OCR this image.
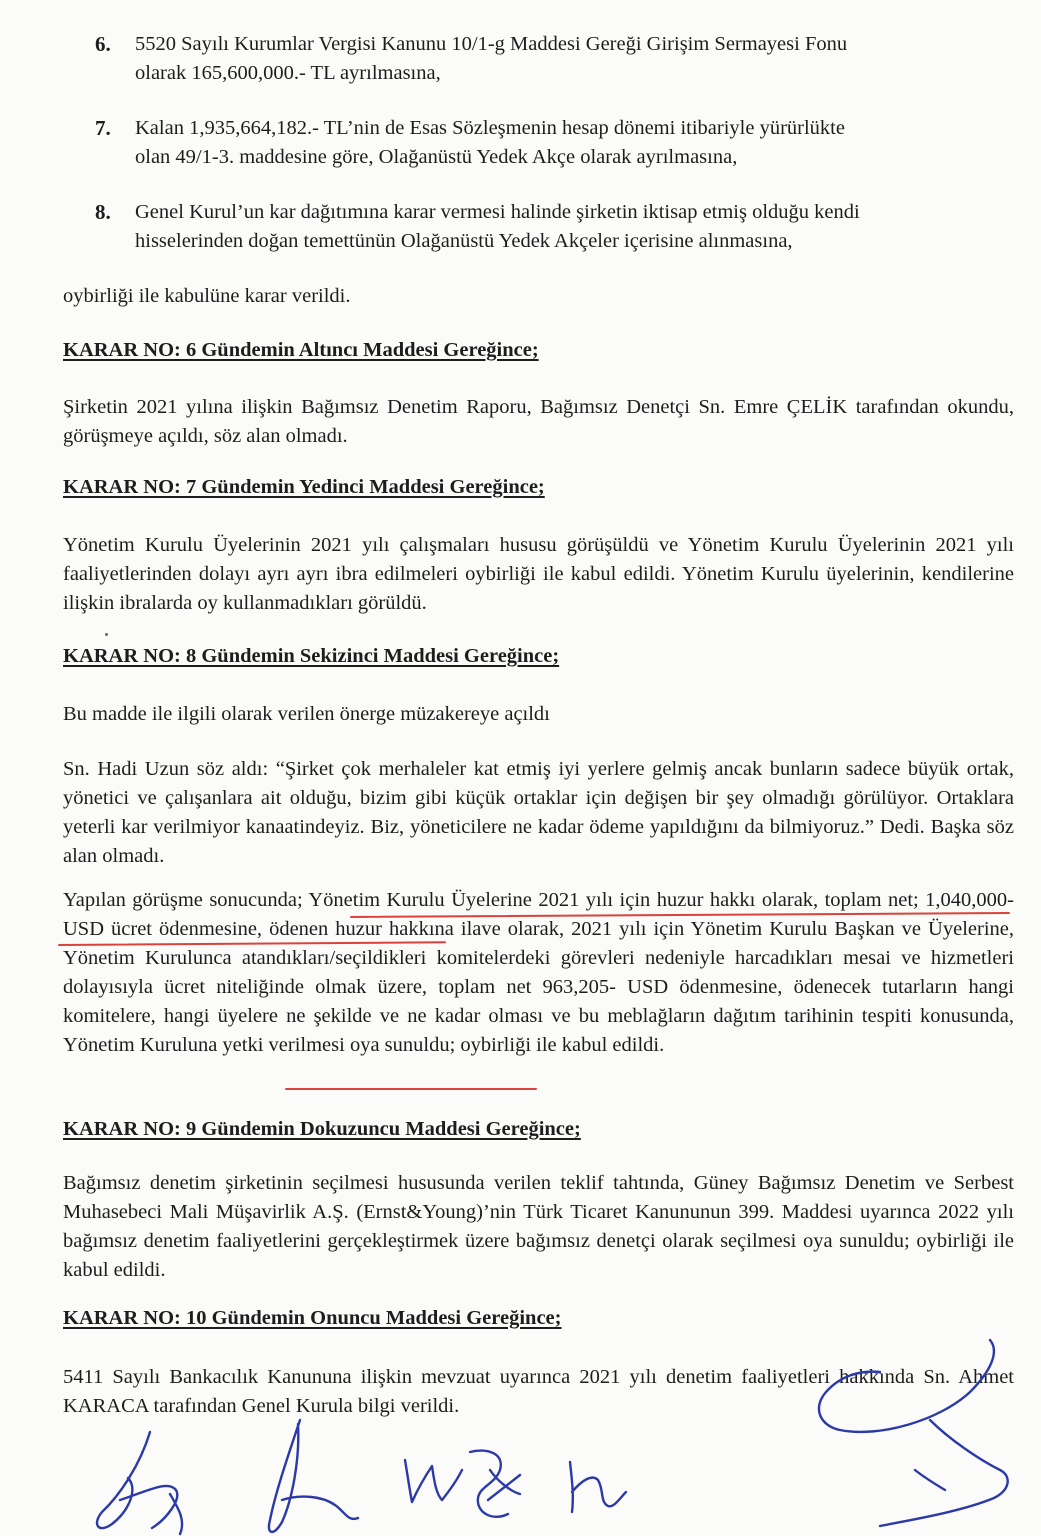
6. 5520 Sayılı Kurumlar Vergisi Kanunu 10/1-g Maddesi Gereği Girişim Sermayesi Fonu
olarak 165,600,000.- TL ayrılmasına,
7. Kalan 1,935,664,182.- TL’nin de Esas Sözleşmenin hesap dönemi itibariyle yürürlükte
olan 49/1-3. maddesine göre, Olağanüstü Yedek Akçe olarak ayrılmasına,
8. Genel Kurul’un kar dağıtımına karar vermesi halinde şirketin iktisap etmiş olduğu kendi
hisselerinden doğan temettünün Olağanüstü Yedek Akçeler içerisine alınmasına,
oybirliği ile kabulüne karar verildi.
KARAR NO: 6 Gündemin Altıncı Maddesi Gereğince;
Şirketin 2021 yılına ilişkin Bağımsız Denetim Raporu, Bağımsız Denetçi Sn. Emre ÇELİK tarafından okundu, görüşmeye açıldı, söz alan olmadı.
KARAR NO: 7 Gündemin Yedinci Maddesi Gereğince;
Yönetim Kurulu Üyelerinin 2021 yılı çalışmaları hususu görüşüldü ve Yönetim Kurulu Üyelerinin 2021 yılı faaliyetlerinden dolayı ayrı ayrı ibra edilmeleri oybirliği ile kabul edildi. Yönetim Kurulu üyelerinin, kendilerine ilişkin ibralarda oy kullanmadıkları görüldü.
KARAR NO: 8 Gündemin Sekizinci Maddesi Gereğince;
Bu madde ile ilgili olarak verilen önerge müzakereye açıldı
Sn. Hadi Uzun söz aldı: “Şirket çok merhaleler kat etmiş iyi yerlere gelmiş ancak bunların sadece büyük ortak, yönetici ve çalışanlara ait olduğu, bizim gibi küçük ortaklar için değişen bir şey olmadığı görülüyor. Ortaklara yeterli kar verilmiyor kanaatindeyiz. Biz, yöneticilere ne kadar ödeme yapıldığını da bilmiyoruz.” Dedi. Başka söz alan olmadı.
Yapılan görüşme sonucunda; Yönetim Kurulu Üyelerine 2021 yılı için huzur hakkı olarak, toplam net; 1,040,000- USD ücret ödenmesine, ödenen huzur hakkına ilave olarak, 2021 yılı için Yönetim Kurulu Başkan ve Üyelerine, Yönetim Kurulunca atandıkları/seçildikleri komitelerdeki görevleri nedeniyle harcadıkları mesai ve hizmetleri dolayısıyla ücret niteliğinde olmak üzere, toplam net 963,205- USD ödenmesine, ödenecek tutarların hangi komitelere, hangi üyelere ne şekilde ve ne kadar olması ve bu meblağların dağıtım tarihinin tespiti konusunda, Yönetim Kuruluna yetki verilmesi oya sunuldu; oybirliği ile kabul edildi.
KARAR NO: 9 Gündemin Dokuzuncu Maddesi Gereğince;
Bağımsız denetim şirketinin seçilmesi hususunda verilen teklif tahtında, Güney Bağımsız Denetim ve Serbest Muhasebeci Mali Müşavirlik A.Ş. (Ernst&Young)’nin Türk Ticaret Kanununun 399. Maddesi uyarınca 2022 yılı bağımsız denetim faaliyetlerini gerçekleştirmek üzere bağımsız denetçi olarak seçilmesi oya sunuldu; oybirliği ile kabul edildi.
KARAR NO: 10 Gündemin Onuncu Maddesi Gereğince;
5411 Sayılı Bankacılık Kanununa ilişkin mevzuat uyarınca 2021 yılı denetim faaliyetleri hakkında Sn. Ahmet KARACA tarafından Genel Kurula bilgi verildi.
